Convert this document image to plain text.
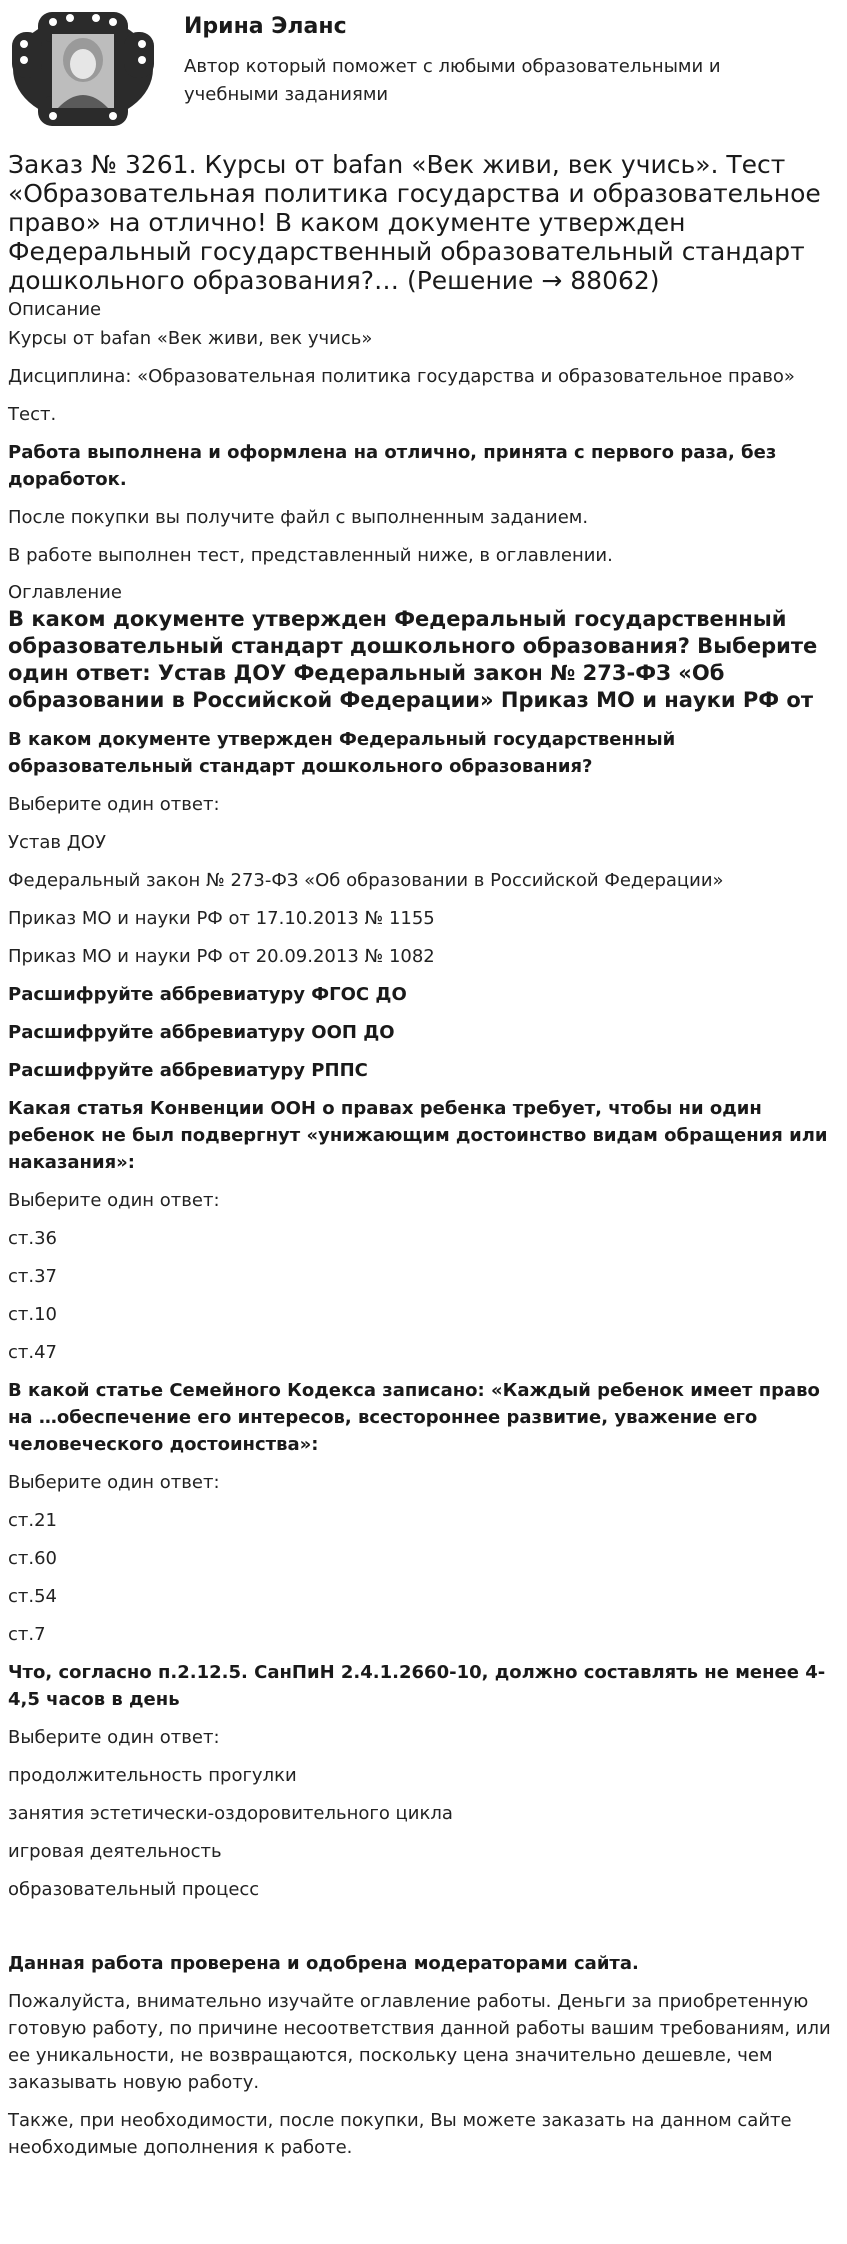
Ирина Эланс
Автор который поможет с любыми образовательными и учебными заданиями
Заказ № 3261. Курсы от bafan «Век живи, век учись». Тест «Образовательная политика государства и образовательное право» на отлично! В каком документе утвержден Федеральный государственный образовательный стандарт дошкольного образования?… (Решение → 88062)
Описание

Курсы от bafan «Век живи, век учись»

Дисциплина: «Образовательная политика государства и образовательное право»

Тест.

Работа выполнена и оформлена на отлично, принята с первого раза, без доработок.

После покупки вы получите файл с выполненным заданием.

В работе выполнен тест, представленный ниже, в оглавлении.

Оглавление
В каком документе утвержден Федеральный государственный образовательный стандарт дошкольного образования? Выберите один ответ: Устав ДОУ Федеральный закон № 273-ФЗ «Об образовании в Российской Федерации» Приказ МО и науки РФ от

В каком документе утвержден Федеральный государственный образовательный стандарт дошкольного образования?

Выберите один ответ:

Устав ДОУ

Федеральный закон № 273-ФЗ «Об образовании в Российской Федерации»

Приказ МО и науки РФ от 17.10.2013 № 1155

Приказ МО и науки РФ от 20.09.2013 № 1082

Расшифруйте аббревиатуру ФГОС ДО

Расшифруйте аббревиатуру ООП ДО

Расшифруйте аббревиатуру РППС

Какая статья Конвенции ООН о правах ребенка требует, чтобы ни один ребенок не был подвергнут «унижающим достоинство видам обращения или наказания»:

Выберите один ответ:

ст.36

ст.37

ст.10

ст.47

В какой статье Семейного Кодекса записано: «Каждый ребенок имеет право на …обеспечение его интересов, всестороннее развитие, уважение его человеческого достоинства»:

Выберите один ответ:

ст.21

ст.60

ст.54

ст.7

Что, согласно п.2.12.5. СанПиН 2.4.1.2660-10, должно составлять не менее 4-4,5 часов в день

Выберите один ответ:

продолжительность прогулки

занятия эстетически-оздоровительного цикла

игровая деятельность

образовательный процесс

Данная работа проверена и одобрена модераторами сайта.

Пожалуйста, внимательно изучайте оглавление работы. Деньги за приобретенную готовую работу, по причине несоответствия данной работы вашим требованиям, или ее уникальности, не возвращаются, поскольку цена значительно дешевле, чем заказывать новую работу.

Также, при необходимости, после покупки, Вы можете заказать на данном сайте необходимые дополнения к работе.
